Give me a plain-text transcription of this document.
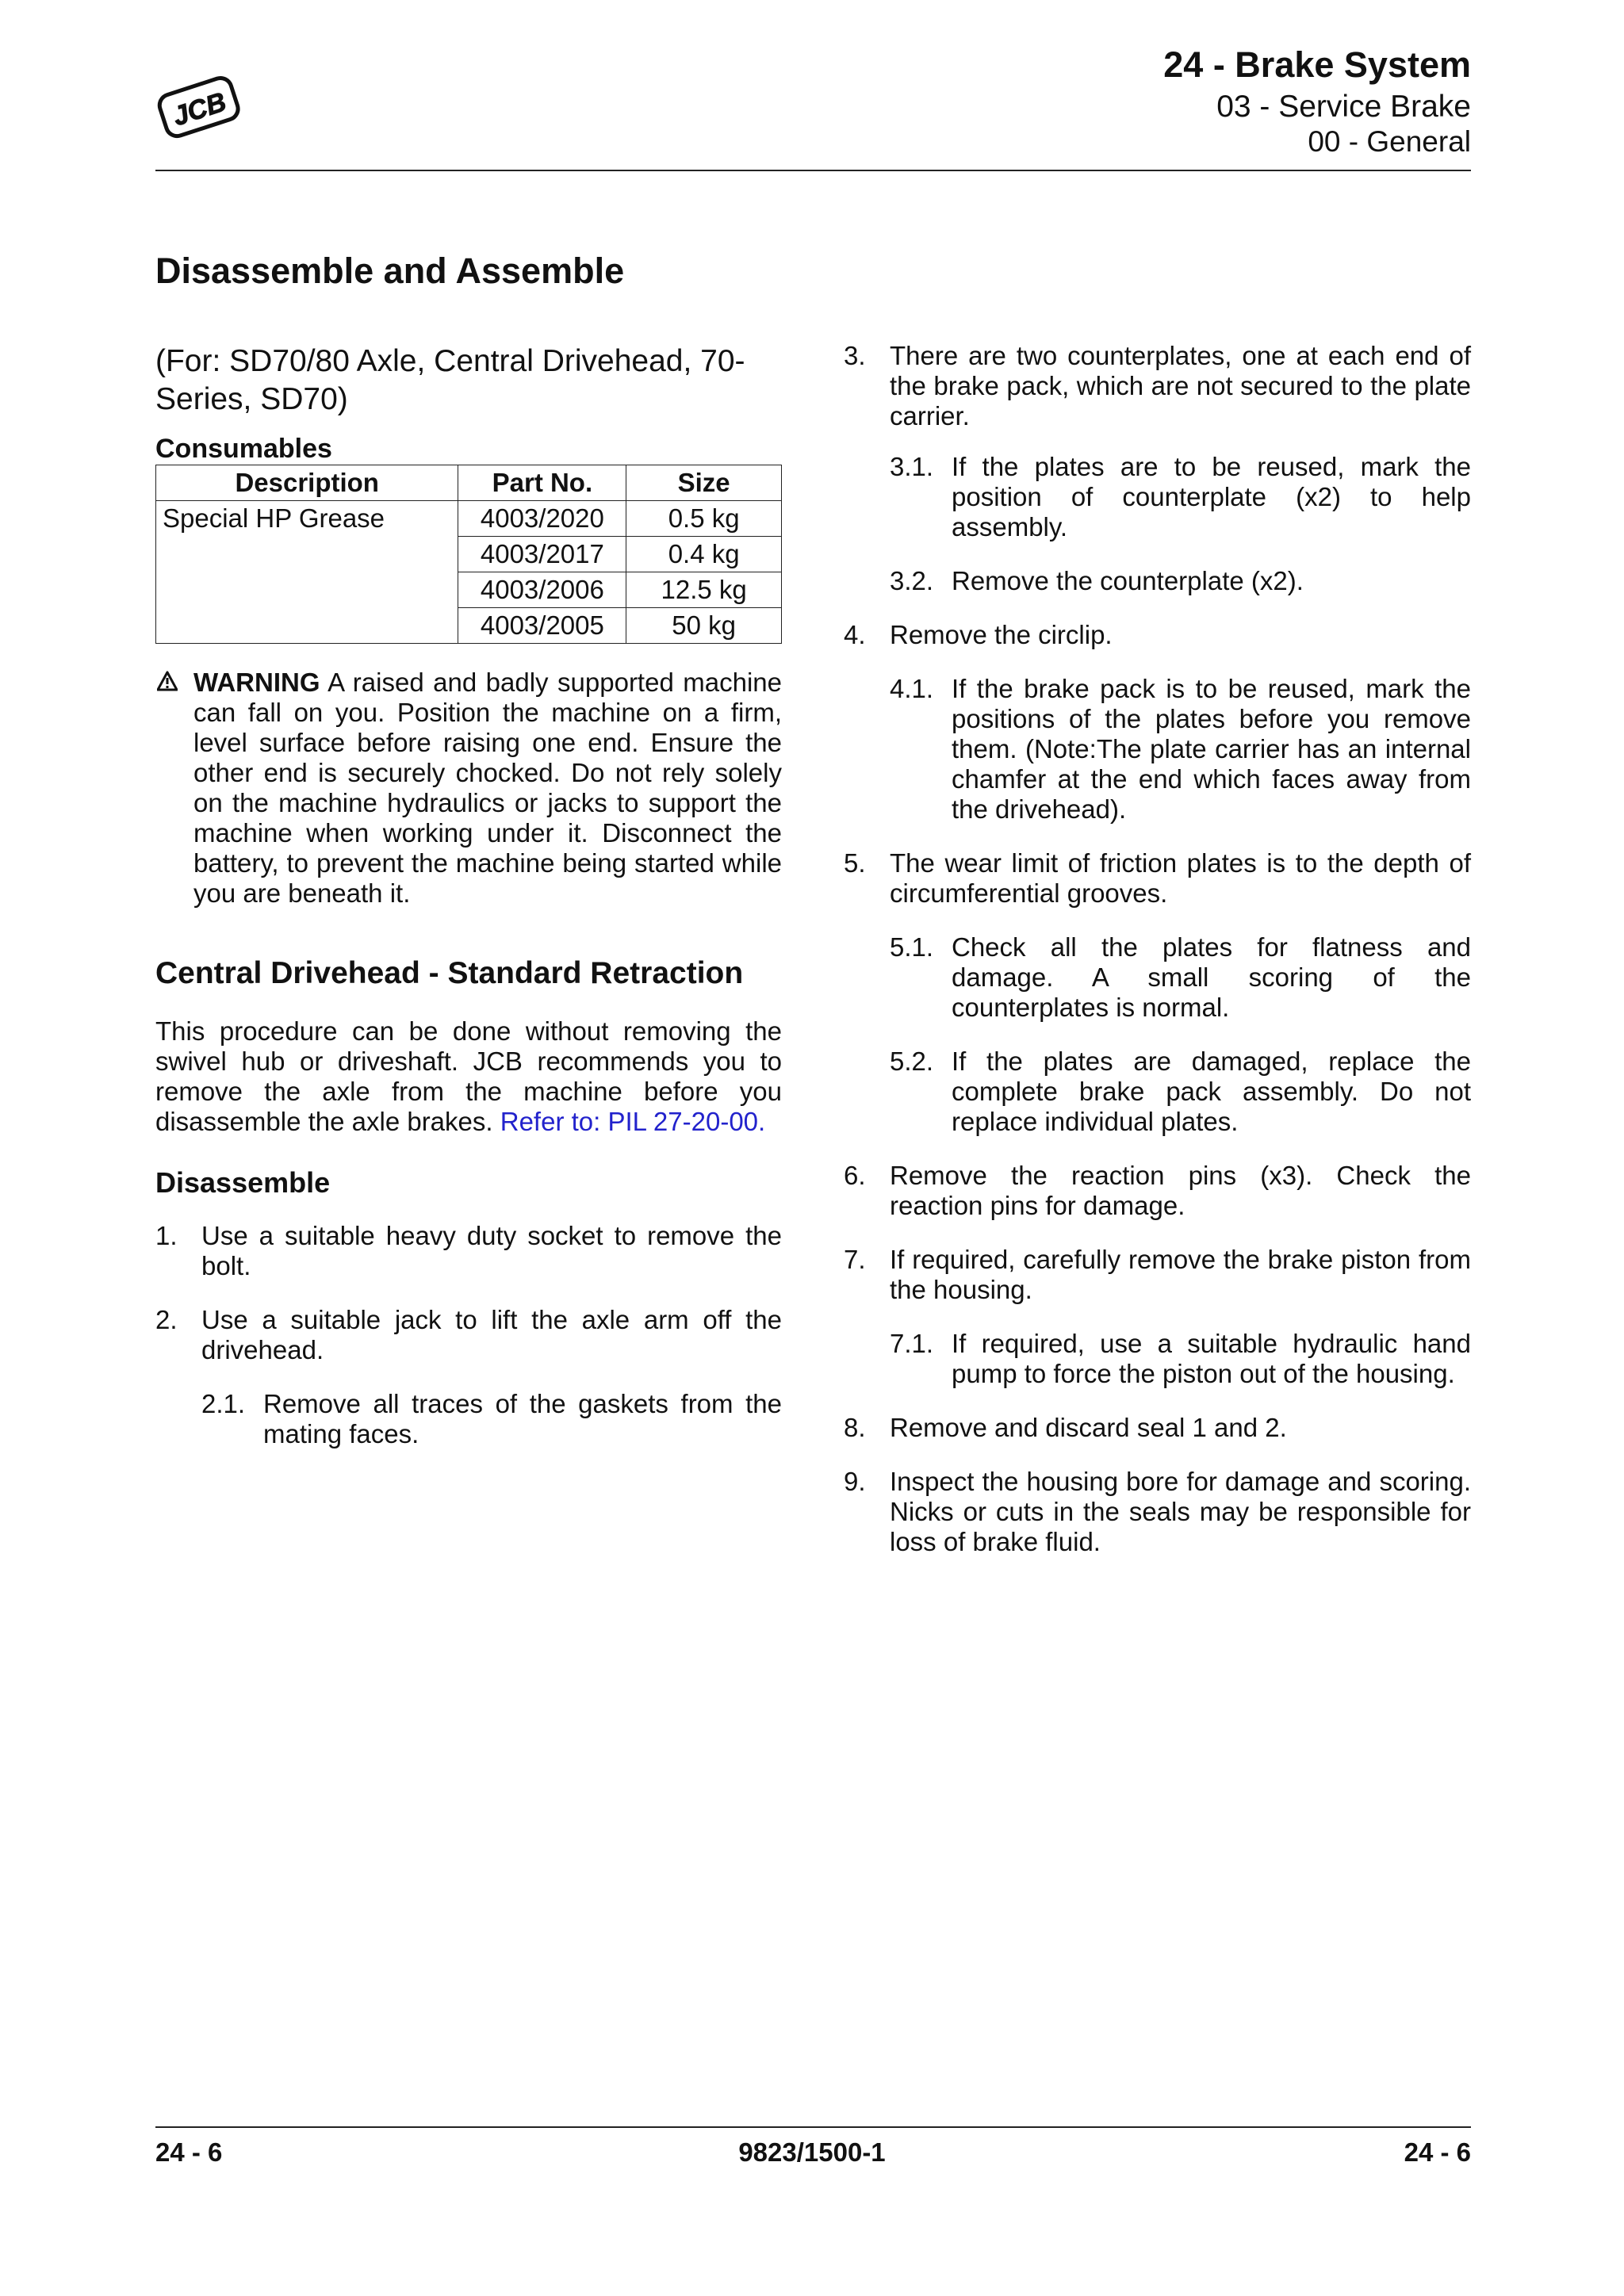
JCB
24 - Brake System
03 - Service Brake
00 - General
Disassemble and Assemble

(For: SD70/80 Axle, Central Drivehead, 70-Series, SD70)

Consumables

Description	Part No.	Size
Special HP Grease	4003/2020	0.5 kg
	4003/2017	0.4 kg
	4003/2006	12.5 kg
	4003/2005	50 kg
WARNING A raised and badly supported machine can fall on you. Position the machine on a firm, level surface before raising one end. Ensure the other end is securely chocked. Do not rely solely on the machine hydraulics or jacks to support the machine when working under it. Disconnect the battery, to prevent the machine being started while you are beneath it.
Central Drivehead - Standard Retraction
This procedure can be done without removing the swivel hub or driveshaft. JCB recommends you to remove the axle from the machine before you disassemble the axle brakes. Refer to: PIL 27-20-00.
Disassemble
1. Use a suitable heavy duty socket to remove the bolt.
2. Use a suitable jack to lift the axle arm off the drivehead.
2.1. Remove all traces of the gaskets from the mating faces.
3. There are two counterplates, one at each end of the brake pack, which are not secured to the plate carrier.
3.1. If the plates are to be reused, mark the position of counterplate (x2) to help assembly.
3.2. Remove the counterplate (x2).
4. Remove the circlip.
4.1. If the brake pack is to be reused, mark the positions of the plates before you remove them. (Note:The plate carrier has an internal chamfer at the end which faces away from the drivehead).
5. The wear limit of friction plates is to the depth of circumferential grooves.
5.1. Check all the plates for flatness and damage. A small scoring of the counterplates is normal.
5.2. If the plates are damaged, replace the complete brake pack assembly. Do not replace individual plates.
6. Remove the reaction pins (x3). Check the reaction pins for damage.
7. If required, carefully remove the brake piston from the housing.
7.1. If required, use a suitable hydraulic hand pump to force the piston out of the housing.
8. Remove and discard seal 1 and 2.
9. Inspect the housing bore for damage and scoring. Nicks or cuts in the seals may be responsible for loss of brake fluid.
24 - 6	9823/1500-1	24 - 6
